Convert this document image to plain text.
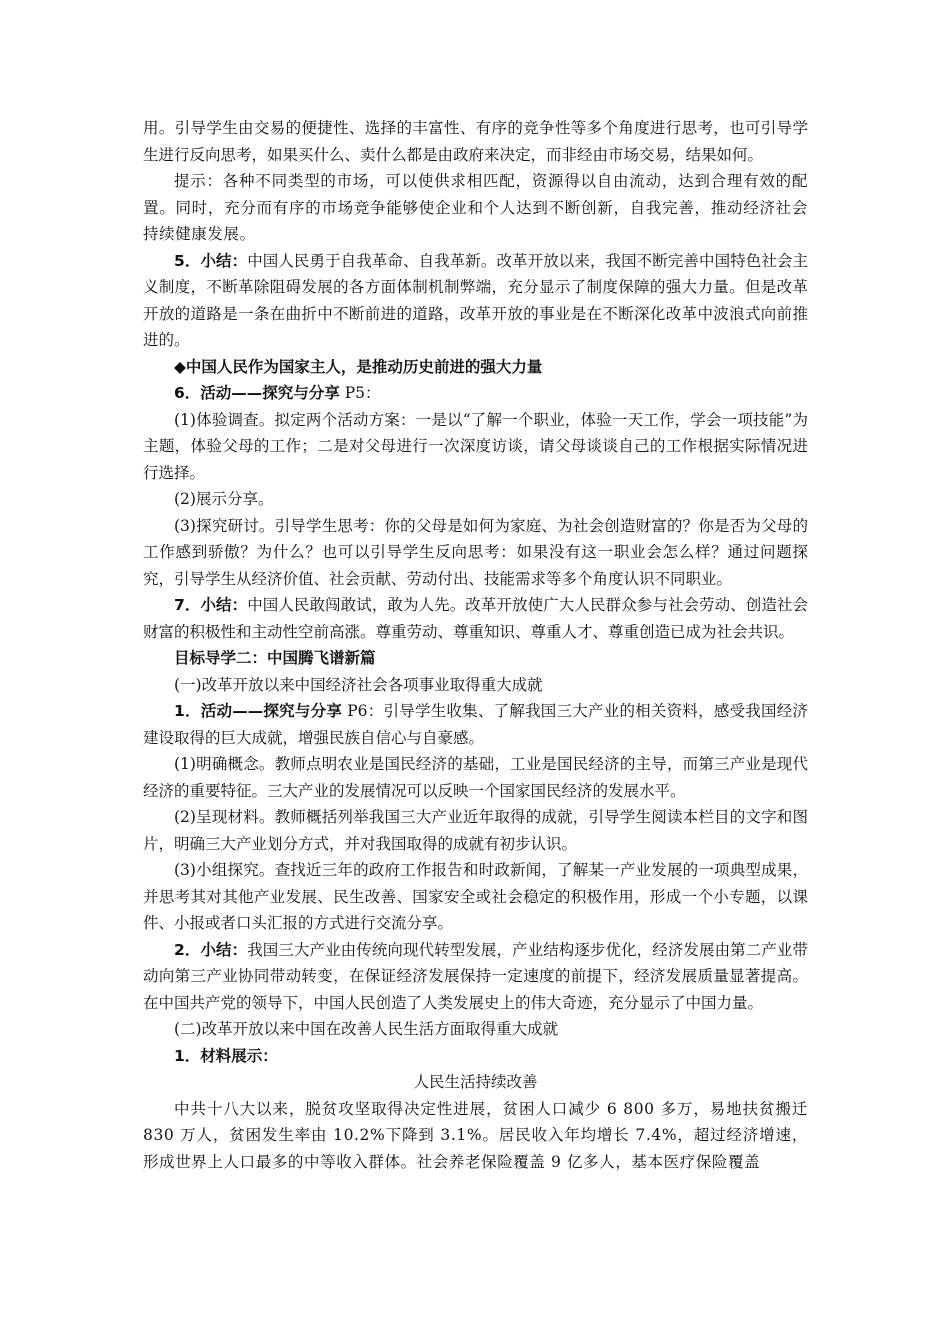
用。引导学生由交易的便捷性、选择的丰富性、有序的竞争性等多个角度进行思考，也可引导学生进行反向思考，如果买什么、卖什么都是由政府来决定，而非经由市场交易，结果如何。

提示：各种不同类型的市场，可以使供求相匹配，资源得以自由流动，达到合理有效的配置。同时，充分而有序的市场竞争能够使企业和个人达到不断创新，自我完善，推动经济社会持续健康发展。

5．小结：中国人民勇于自我革命、自我革新。改革开放以来，我国不断完善中国特色社会主义制度，不断革除阻碍发展的各方面体制机制弊端，充分显示了制度保障的强大力量。但是改革开放的道路是一条在曲折中不断前进的道路，改革开放的事业是在不断深化改革中波浪式向前推进的。

◆中国人民作为国家主人，是推动历史前进的强大力量

6．活动——探究与分享 P5：

(1)体验调查。拟定两个活动方案：一是以“了解一个职业，体验一天工作，学会一项技能”为主题，体验父母的工作；二是对父母进行一次深度访谈，请父母谈谈自己的工作根据实际情况进行选择。

(2)展示分享。

(3)探究研讨。引导学生思考：你的父母是如何为家庭、为社会创造财富的？你是否为父母的工作感到骄傲？为什么？也可以引导学生反向思考：如果没有这一职业会怎么样？通过问题探究，引导学生从经济价值、社会贡献、劳动付出、技能需求等多个角度认识不同职业。

7．小结：中国人民敢闯敢试，敢为人先。改革开放使广大人民群众参与社会劳动、创造社会财富的积极性和主动性空前高涨。尊重劳动、尊重知识、尊重人才、尊重创造已成为社会共识。

目标导学二：中国腾飞谱新篇

(一)改革开放以来中国经济社会各项事业取得重大成就

1．活动——探究与分享 P6：引导学生收集、了解我国三大产业的相关资料，感受我国经济建设取得的巨大成就，增强民族自信心与自豪感。

(1)明确概念。教师点明农业是国民经济的基础，工业是国民经济的主导，而第三产业是现代经济的重要特征。三大产业的发展情况可以反映一个国家国民经济的发展水平。

(2)呈现材料。教师概括列举我国三大产业近年取得的成就，引导学生阅读本栏目的文字和图片，明确三大产业划分方式，并对我国取得的成就有初步认识。

(3)小组探究。查找近三年的政府工作报告和时政新闻，了解某一产业发展的一项典型成果，并思考其对其他产业发展、民生改善、国家安全或社会稳定的积极作用，形成一个小专题，以课件、小报或者口头汇报的方式进行交流分享。

2．小结：我国三大产业由传统向现代转型发展，产业结构逐步优化，经济发展由第二产业带动向第三产业协同带动转变，在保证经济发展保持一定速度的前提下，经济发展质量显著提高。在中国共产党的领导下，中国人民创造了人类发展史上的伟大奇迹，充分显示了中国力量。

(二)改革开放以来中国在改善人民生活方面取得重大成就

1．材料展示：

人民生活持续改善

中共十八大以来，脱贫攻坚取得决定性进展，贫困人口减少 6 800 多万，易地扶贫搬迁 830 万人，贫困发生率由 10.2%下降到 3.1%。居民收入年均增长 7.4%，超过经济增速，形成世界上人口最多的中等收入群体。社会养老保险覆盖 9 亿多人，基本医疗保险覆盖
